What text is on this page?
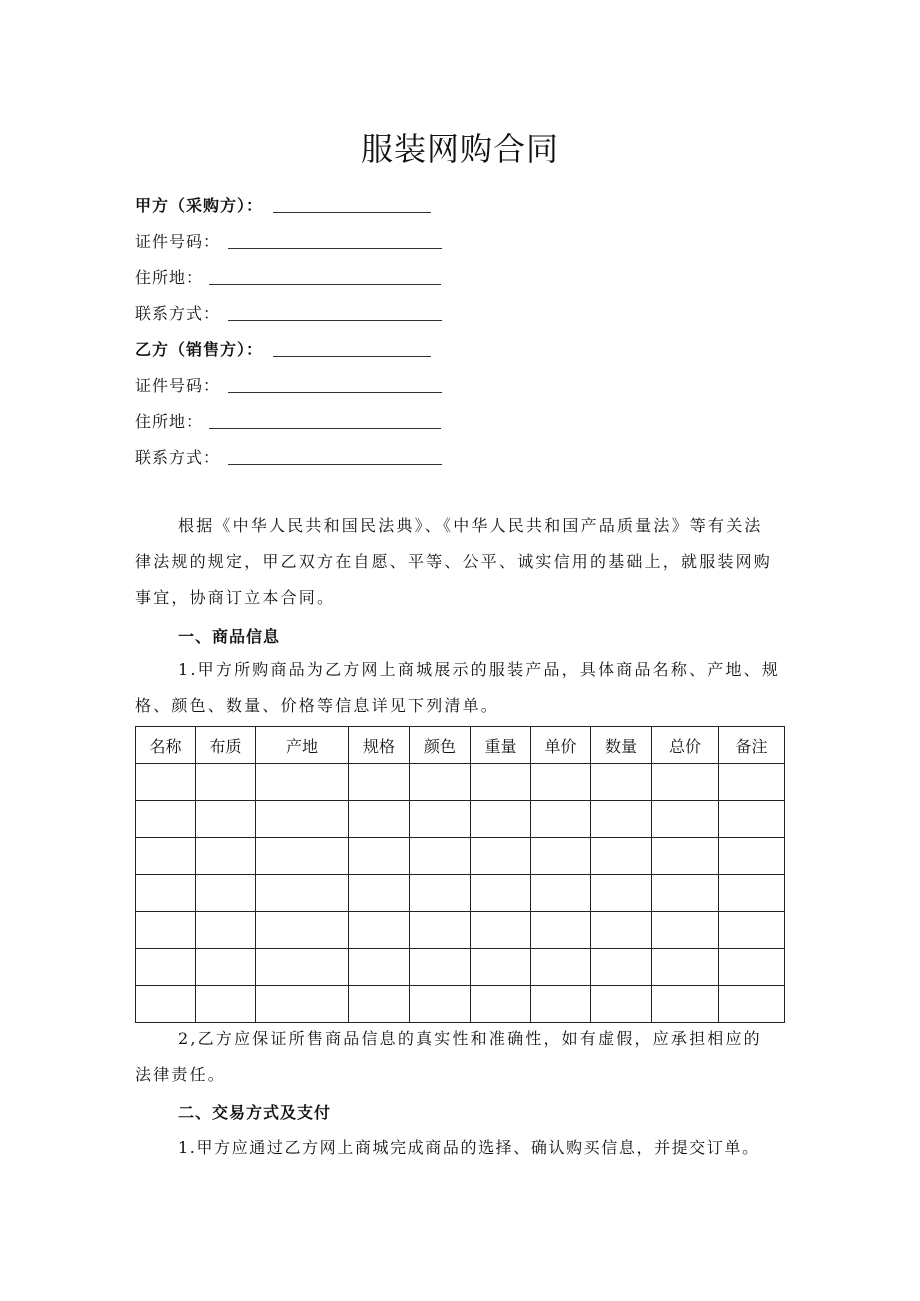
服装网购合同
甲方（采购方）：
证件号码：
住所地：
联系方式：
乙方（销售方）：
证件号码：
住所地：
联系方式：
根据《中华人民共和国民法典》、《中华人民共和国产品质量法》等有关法
律法规的规定，甲乙双方在自愿、平等、公平、诚实信用的基础上，就服装网购
事宜，协商订立本合同。
一、商品信息
1.甲方所购商品为乙方网上商城展示的服装产品，具体商品名称、产地、规
格、颜色、数量、价格等信息详见下列清单。
名称	布质	产地	规格	颜色	重量	单价	数量	总价	备注

2,乙方应保证所售商品信息的真实性和准确性，如有虚假，应承担相应的
法律责任。
二、交易方式及支付
1.甲方应通过乙方网上商城完成商品的选择、确认购买信息，并提交订单。
